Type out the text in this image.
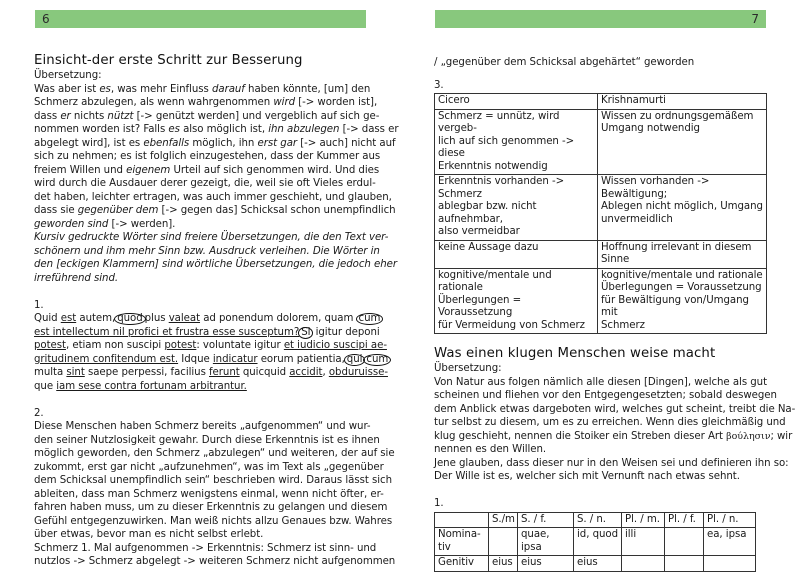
6
Einsicht-der erste Schritt zur Besserung
Übersetzung:
Was aber ist es, was mehr Einfluss darauf haben könnte, [um] den
Schmerz abzulegen, als wenn wahrgenommen wird [-> worden ist],
dass er nichts nützt [-> genützt werden] und vergeblich auf sich ge-
nommen worden ist? Falls es also möglich ist, ihn abzulegen [-> dass er
abgelegt wird], ist es ebenfalls möglich, ihn erst gar [-> auch] nicht auf
sich zu nehmen; es ist folglich einzugestehen, dass der Kummer aus
freiem Willen und eigenem Urteil auf sich genommen wird. Und dies
wird durch die Ausdauer derer gezeigt, die, weil sie oft Vieles erdul-
det haben, leichter ertragen, was auch immer geschieht, und glauben,
dass sie gegenüber dem [-> gegen das] Schicksal schon unempfindlich
geworden sind [-> werden].
Kursiv gedruckte Wörter sind freiere Übersetzungen, die den Text ver-
schönern und ihm mehr Sinn bzw. Ausdruck verleihen. Die Wörter in
den [eckigen Klammern] sind wörtliche Übersetzungen, die jedoch eher
irreführend sind.
1.
Quid est autem, quod plus valeat ad ponendum dolorem, quam cum
est intellectum nil profici et frustra esse susceptum? Si igitur deponi
potest, etiam non suscipi potest: voluntate igitur et iudicio suscipi ae-
gritudinem confitendum est. Idque indicatur eorum patientia, qui cum
multa sint saepe perpessi, facilius ferunt quicquid accidit, obduruisse-
que iam sese contra fortunam arbitrantur.
2.
Diese Menschen haben Schmerz bereits „aufgenommen“ und wur-
den seiner Nutzlosigkeit gewahr. Durch diese Erkenntnis ist es ihnen
möglich geworden, den Schmerz „abzulegen“ und weiteren, der auf sie
zukommt, erst gar nicht „aufzunehmen“, was im Text als „gegenüber
dem Schicksal unempfindlich sein“ beschrieben wird. Daraus lässt sich
ableiten, dass man Schmerz wenigstens einmal, wenn nicht öfter, er-
fahren haben muss, um zu dieser Erkenntnis zu gelangen und diesem
Gefühl entgegenzuwirken. Man weiß nichts allzu Genaues bzw. Wahres
über etwas, bevor man es nicht selbst erlebt.
Schmerz 1. Mal aufgenommen -> Erkenntnis: Schmerz ist sinn- und
nutzlos -> Schmerz abgelegt -> weiteren Schmerz nicht aufgenommen
7
/ „gegenüber dem Schicksal abgehärtet“ geworden
3.
Cicero	Krishnamurti
Schmerz = unnütz, wird vergeb-
lich auf sich genommen -> diese
Erkenntnis notwendig	Wissen zu ordnungsgemäßem
Umgang notwendig
Erkenntnis vorhanden -> Schmerz
ablegbar bzw. nicht aufnehmbar,
also vermeidbar	Wissen vorhanden -> Bewältigung;
Ablegen nicht möglich, Umgang
unvermeidlich
keine Aussage dazu	Hoffnung irrelevant in diesem
Sinne
kognitive/mentale und rationale
Überlegungen = Voraussetzung
für Vermeidung von Schmerz	kognitive/mentale und rationale
Überlegungen = Voraussetzung
für Bewältigung von/Umgang mit
Schmerz
Was einen klugen Menschen weise macht
Übersetzung:
Von Natur aus folgen nämlich alle diesen [Dingen], welche als gut
scheinen und fliehen vor den Entgegengesetzten; sobald deswegen
dem Anblick etwas dargeboten wird, welches gut scheint, treibt die Na-
tur selbst zu diesem, um es zu erreichen. Wenn dies gleichmäßig und
klug geschieht, nennen die Stoiker ein Streben dieser Art βούλησιν; wir
nennen es den Willen.
Jene glauben, dass dieser nur in den Weisen sei und definieren ihn so:
Der Wille ist es, welcher sich mit Vernunft nach etwas sehnt.
1.
	S./m	S. / f.	S. / n.	Pl. / m.	Pl. / f.	Pl. / n.
Nomina-
tiv		quae, ipsa	id, quod	illi		ea, ipsa
Genitiv	eius	eius	eius			
